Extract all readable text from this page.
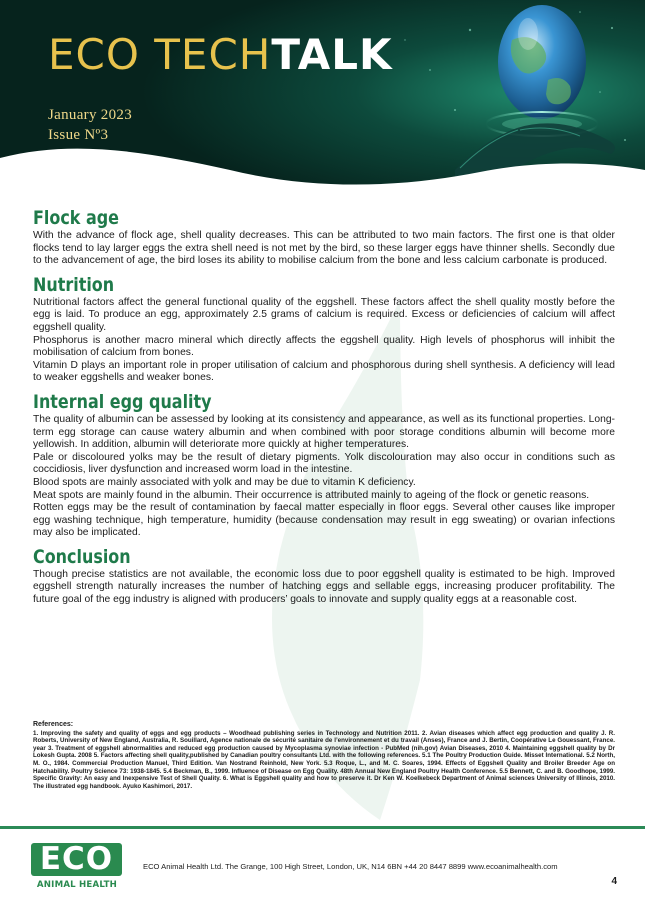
ECO TECHTALK
January 2023
Issue Nº3
Flock age

With the advance of flock age, shell quality decreases. This can be attributed to two main factors. The first one is that older flocks tend to lay larger eggs the extra shell need is not met by the bird, so these larger eggs have thinner shells. Secondly due to the advancement of age, the bird loses its ability to mobilise calcium from the bone and less calcium carbonate is produced.

Nutrition

Nutritional factors affect the general functional quality of the eggshell. These factors affect the shell quality mostly before the egg is laid. To produce an egg, approximately 2.5 grams of calcium is required. Excess or deficiencies of calcium will affect eggshell quality.

Phosphorus is another macro mineral which directly affects the eggshell quality. High levels of phosphorus will inhibit the mobilisation of calcium from bones.

Vitamin D plays an important role in proper utilisation of calcium and phosphorous during shell synthesis. A deficiency will lead to weaker eggshells and weaker bones.

Internal egg quality

The quality of albumin can be assessed by looking at its consistency and appearance, as well as its functional properties. Long-term egg storage can cause watery albumin and when combined with poor storage conditions albumin will become more yellowish. In addition, albumin will deteriorate more quickly at higher temperatures.

Pale or discoloured yolks may be the result of dietary pigments. Yolk discolouration may also occur in conditions such as coccidiosis, liver dysfunction and increased worm load in the intestine.

Blood spots are mainly associated with yolk and may be due to vitamin K deficiency.

Meat spots are mainly found in the albumin. Their occurrence is attributed mainly to ageing of the flock or genetic reasons.

Rotten eggs may be the result of contamination by faecal matter especially in floor eggs. Several other causes like improper egg washing technique, high temperature, humidity (because condensation may result in egg sweating) or ovarian infections may also be implicated.

Conclusion

Though precise statistics are not available, the economic loss due to poor eggshell quality is estimated to be high. Improved eggshell strength naturally increases the number of hatching eggs and sellable eggs, increasing producer profitability. The future goal of the egg industry is aligned with producers’ goals to innovate and supply quality eggs at a reasonable cost.

References:

1. Improving the safety and quality of eggs and egg products – Woodhead publishing series in Technology and Nutrition 2011. 2. Avian diseases which affect egg production and quality J. R. Roberts, University of New England, Australia, R. Souillard, Agence nationale de sécurité sanitaire de l’environnement et du travail (Anses), France and J. Bertin, Coopérative Le Gouessant, France. year 3. Treatment of eggshell abnormalities and reduced egg production caused by Mycoplasma synoviae infection - PubMed (nih.gov) Avian Diseases, 2010 4. Maintaining eggshell quality by Dr Lokesh Gupta. 2008 5. Factors affecting shell quality,published by Canadian poultry consultants Ltd. with the following references. 5.1 The Poultry Production Guide. Misset International. 5.2 North, M. O., 1984. Commercial Production Manuel, Third Edition. Van Nostrand Reinhold, New York. 5.3 Roque, L., and M. C. Soares, 1994. Effects of Eggshell Quality and Broiler Breeder Age on Hatchability. Poultry Science 73: 1938-1845. 5.4 Beckman, B., 1999. Influence of Disease on Egg Quality. 48th Annual New England Poultry Health Conference. 5.5 Bennett, C. and B. Goodhope, 1999. Specific Gravity: An easy and Inexpensive Test of Shell Quality. 6. What is Eggshell quality and how to preserve it. Dr Ken W. Koelkebeck Department of Animal sciences University of Illinois, 2010. The illustrated egg handbook. Ayuko Kashimori, 2017.

ECO
ANIMAL HEALTH
ECO Animal Health Ltd. The Grange, 100 High Street, London, UK, N14 6BN +44 20 8447 8899 www.ecoanimalhealth.com
4
